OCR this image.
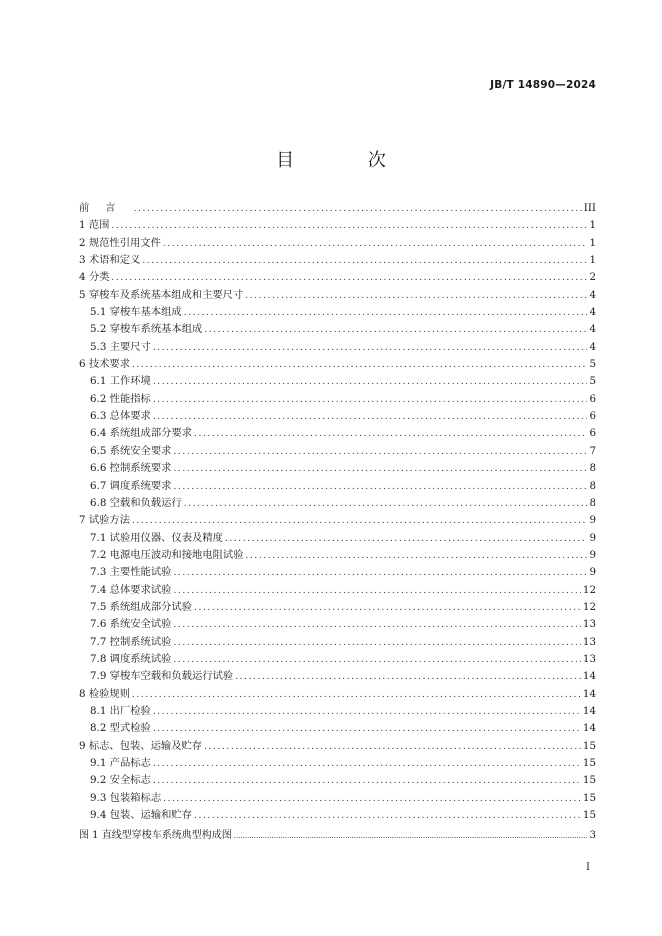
JB/T 14890—2024
目 次
前言 .....	III
1 范围 .....	1
2 规范性引用文件 .....	1
3 术语和定义 .....	1
4 分类 .....	2
5 穿梭车及系统基本组成和主要尺寸 .....	4
5.1 穿梭车基本组成 .....	4
5.2 穿梭车系统基本组成 .....	4
5.3 主要尺寸 .....	4
6 技术要求 .....	5
6.1 工作环境 .....	5
6.2 性能指标 .....	6
6.3 总体要求 .....	6
6.4 系统组成部分要求 .....	6
6.5 系统安全要求 .....	7
6.6 控制系统要求 .....	8
6.7 调度系统要求 .....	8
6.8 空载和负载运行 .....	8
7 试验方法 .....	9
7.1 试验用仪器、仪表及精度 .....	9
7.2 电源电压波动和接地电阻试验 .....	9
7.3 主要性能试验 .....	9
7.4 总体要求试验 .....	12
7.5 系统组成部分试验 .....	12
7.6 系统安全试验 .....	13
7.7 控制系统试验 .....	13
7.8 调度系统试验 .....	13
7.9 穿梭车空载和负载运行试验 .....	14
8 检验规则 .....	14
8.1 出厂检验 .....	14
8.2 型式检验 .....	14
9 标志、包装、运输及贮存 .....	15
9.1 产品标志 .....	15
9.2 安全标志 .....	15
9.3 包装箱标志 .....	15
9.4 包装、运输和贮存 .....	15
图 1 直线型穿梭车系统典型构成图 .....	3
I
